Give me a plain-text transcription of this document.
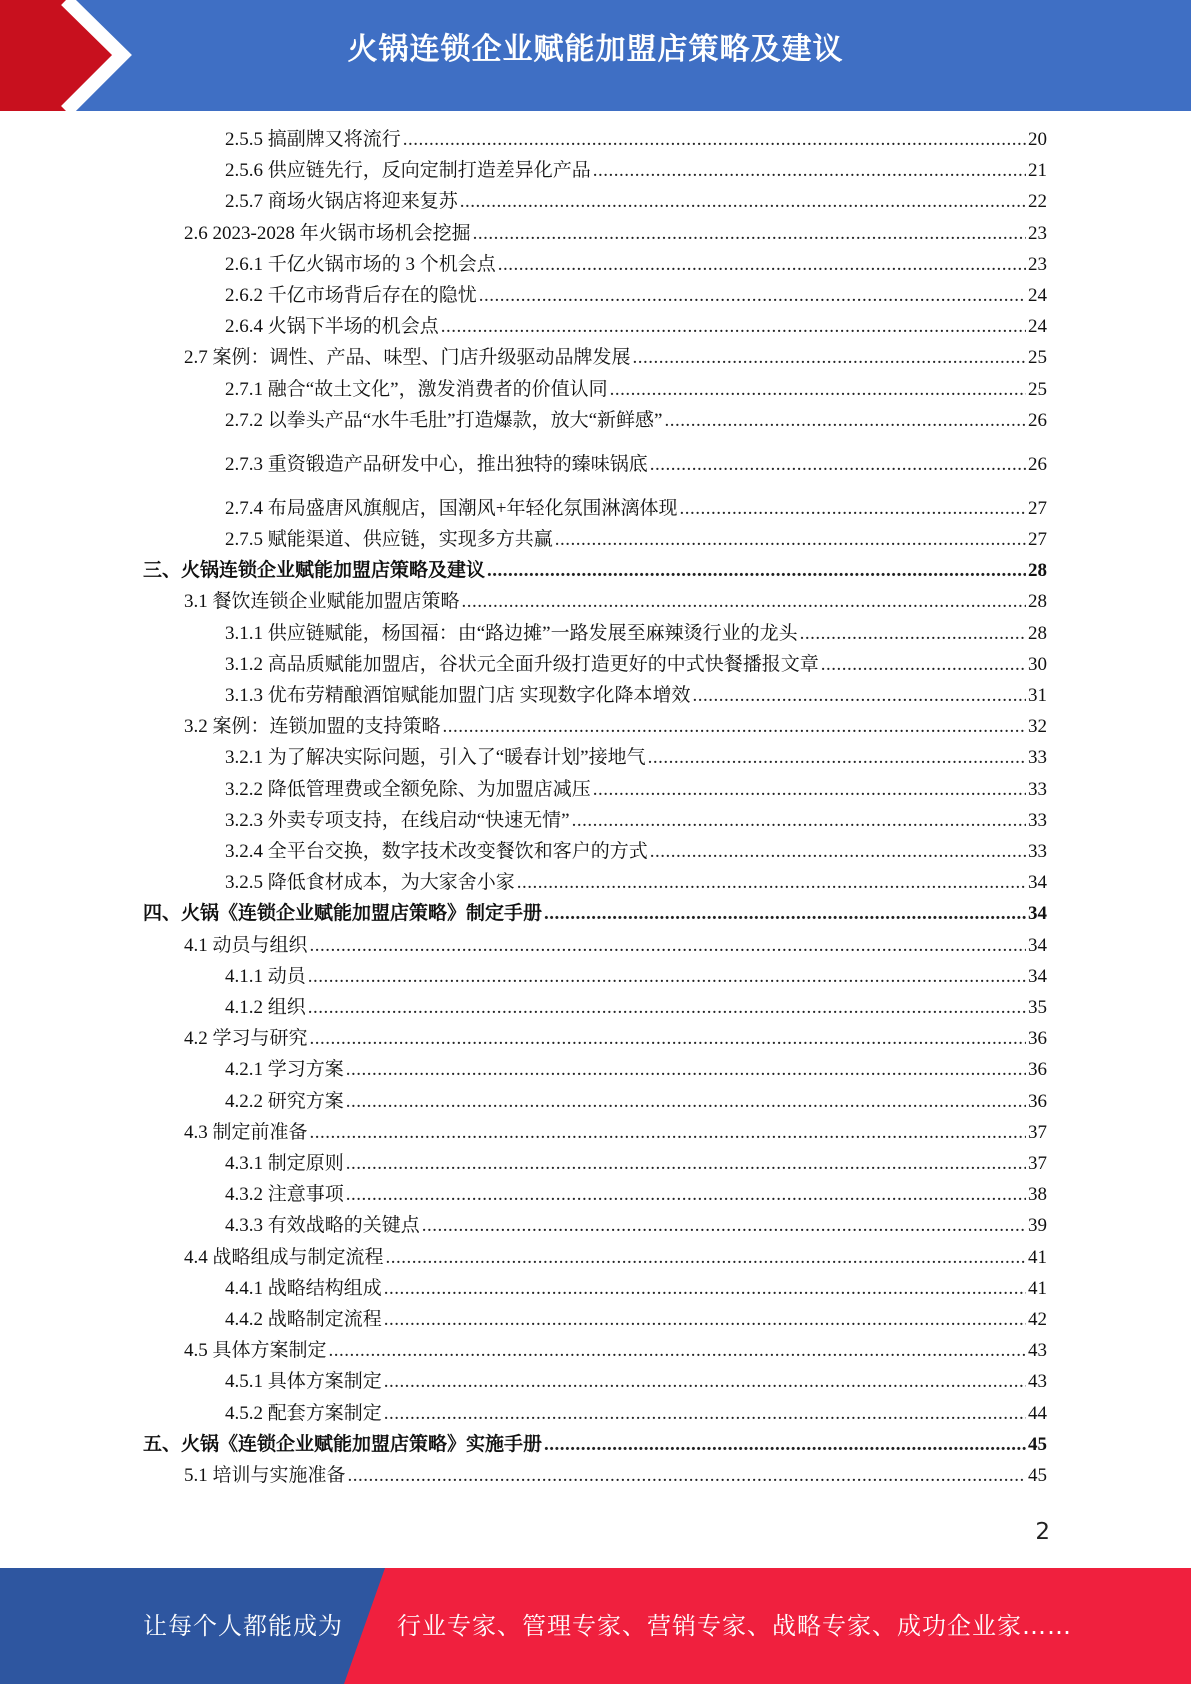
火锅连锁企业赋能加盟店策略及建议
2.5.5
搞副牌又将流行 .....	20
2.5.6
供应链先行，反向定制打造差异化产品 .....	21
2.5.7
商场火锅店将迎来复苏 .....	22
2.6
2023-2028 年火锅市场机会挖掘 .....	23
2.6.1
千亿火锅市场的 3 个机会点 .....	23
2.6.2
千亿市场背后存在的隐忧 .....	24
2.6.4
火锅下半场的机会点 .....	24
2.7
案例：调性、产品、味型、门店升级驱动品牌发展 .....	25
2.7.1
融合“故土文化”，激发消费者的价值认同 .....	25
2.7.2
以拳头产品“水牛毛肚”打造爆款，放大“新鲜感” .....	26
2.7.3
重资锻造产品研发中心，推出独特的臻味锅底 .....	26
2.7.4
布局盛唐风旗舰店，国潮风+年轻化氛围淋漓体现 .....	27
2.7.5
赋能渠道、供应链，实现多方共赢 .....	27
三、 火锅连锁企业赋能加盟店策略及建议 .....	28
3.1
餐饮连锁企业赋能加盟店策略 .....	28
3.1.1
供应链赋能，杨国福：由“路边摊”一路发展至麻辣烫行业的龙头 .....	28
3.1.2
高品质赋能加盟店，谷状元全面升级打造更好的中式快餐播报文章 .....	30
3.1.3
优布劳精酿酒馆赋能加盟门店 实现数字化降本增效 .....	31
3.2
案例：连锁加盟的支持策略 .....	32
3.2.1
为了解决实际问题，引入了“暖春计划”接地气 .....	33
3.2.2
降低管理费或全额免除、为加盟店减压 .....	33
3.2.3
外卖专项支持，在线启动“快速无情” .....	33
3.2.4
全平台交换，数字技术改变餐饮和客户的方式 .....	33
3.2.5
降低食材成本，为大家舍小家 .....	34
四、 火锅《连锁企业赋能加盟店策略》制定手册 .....	34
4.1
动员与组织 .....	34
4.1.1
动员 .....	34
4.1.2
组织 .....	35
4.2
学习与研究 .....	36
4.2.1
学习方案 .....	36
4.2.2
研究方案 .....	36
4.3
制定前准备 .....	37
4.3.1
制定原则 .....	37
4.3.2
注意事项 .....	38
4.3.3
有效战略的关键点 .....	39
4.4
战略组成与制定流程 .....	41
4.4.1
战略结构组成 .....	41
4.4.2
战略制定流程 .....	42
4.5
具体方案制定 .....	43
4.5.1
具体方案制定 .....	43
4.5.2
配套方案制定 .....	44
五、 火锅《连锁企业赋能加盟店策略》实施手册 .....	45
5.1
培训与实施准备 .....	45
2
让每个人都能成为 行业专家、管理专家、营销专家、战略专家、成功企业家……
